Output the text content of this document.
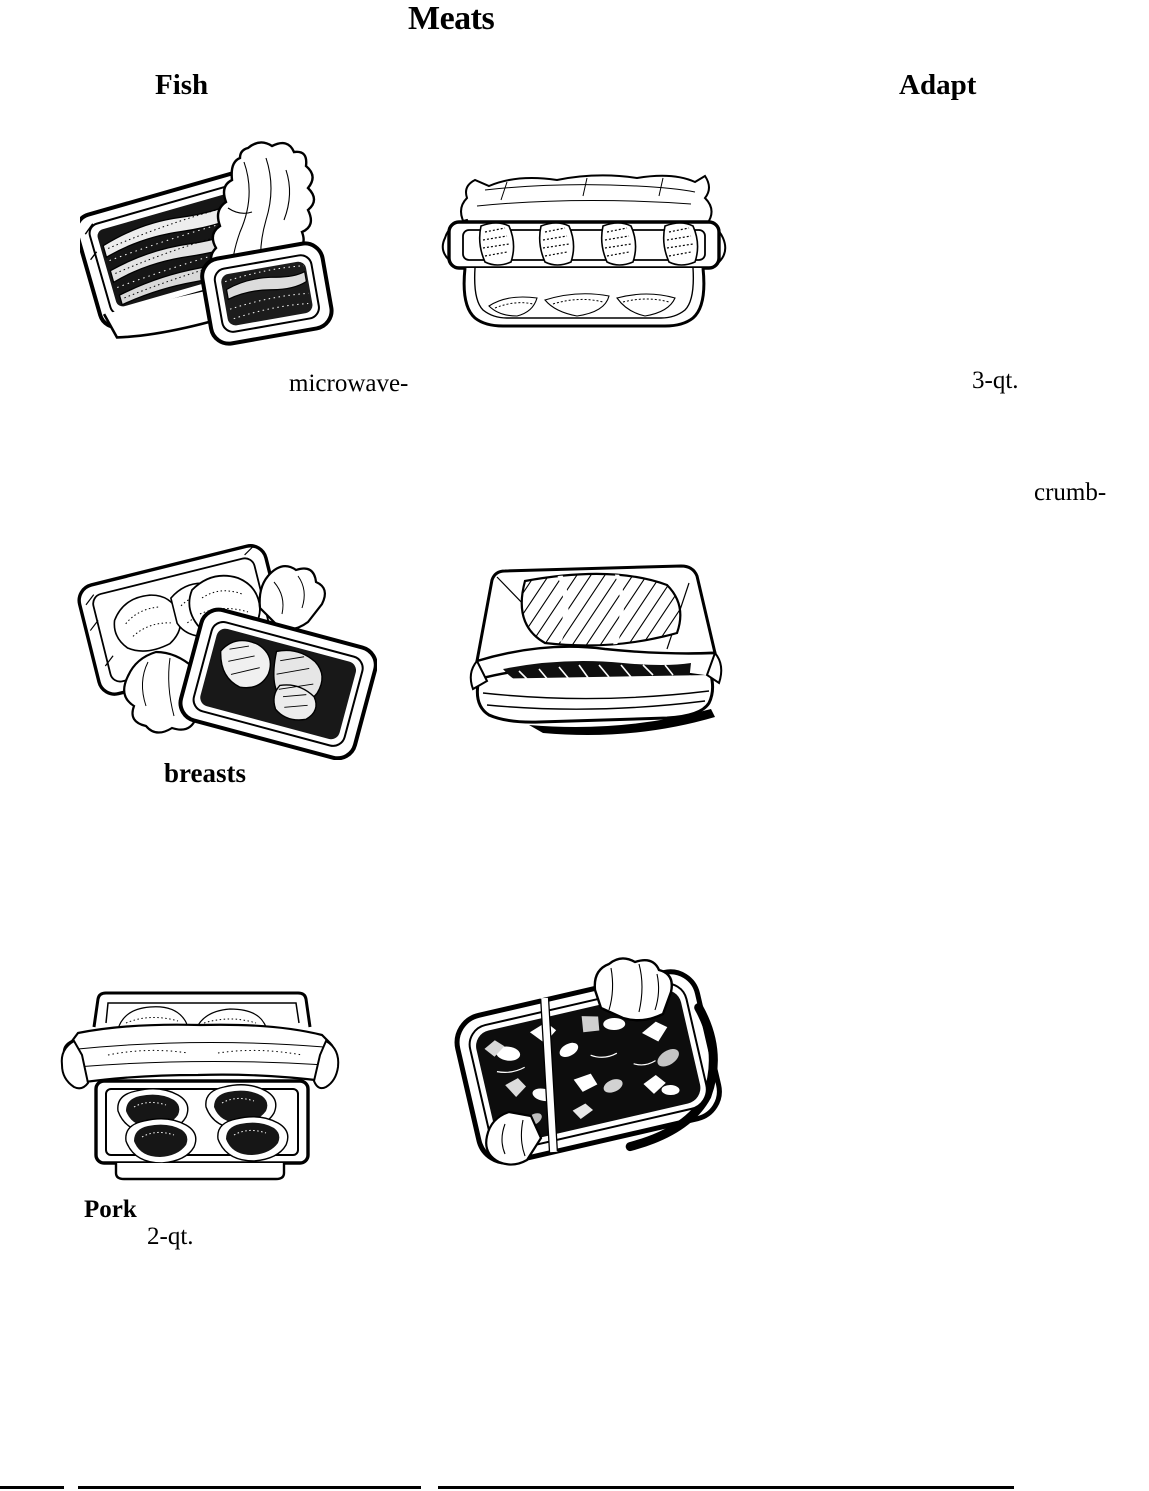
Meats
Fish	Adapt
microwave-	3-qt.
crumb-
breasts
Pork
2-qt.
